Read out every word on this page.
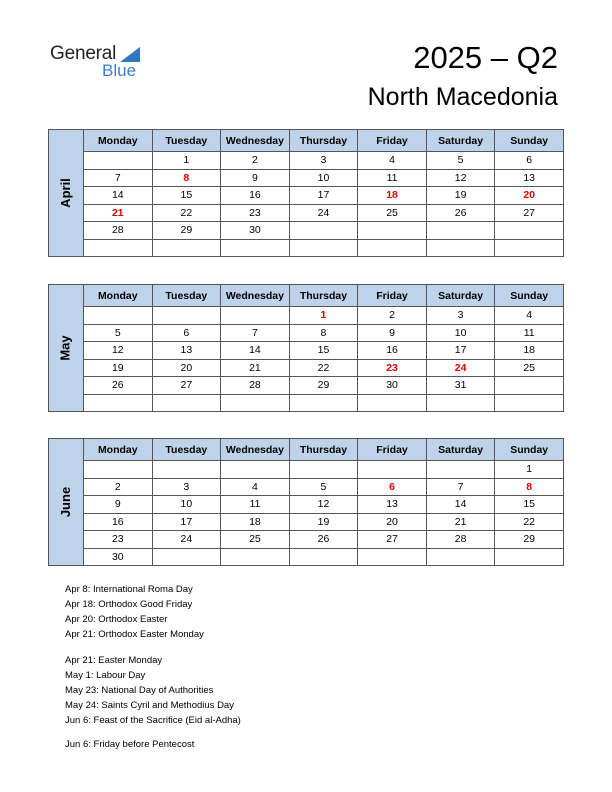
General
Blue	2025 – Q2
North Macedonia
April	Monday	Tuesday	Wednesday	Thursday	Friday	Saturday	Sunday
		1	2	3	4	5	6
	7	8	9	10	11	12	13
	14	15	16	17	18	19	20
	21	22	23	24	25	26	27
	28	29	30				

May	Monday	Tuesday	Wednesday	Thursday	Friday	Saturday	Sunday
				1	2	3	4
	5	6	7	8	9	10	11
	12	13	14	15	16	17	18
	19	20	21	22	23	24	25
	26	27	28	29	30	31	

June	Monday	Tuesday	Wednesday	Thursday	Friday	Saturday	Sunday
							1
	2	3	4	5	6	7	8
	9	10	11	12	13	14	15
	16	17	18	19	20	21	22
	23	24	25	26	27	28	29
	30						
Apr 8: International Roma Day
Apr 18: Orthodox Good Friday
Apr 20: Orthodox Easter
Apr 21: Orthodox Easter Monday
Apr 21: Easter Monday
May 1: Labour Day
May 23: National Day of Authorities
May 24: Saints Cyril and Methodius Day
Jun 6: Feast of the Sacrifice (Eid al-Adha)
Jun 6: Friday before Pentecost
